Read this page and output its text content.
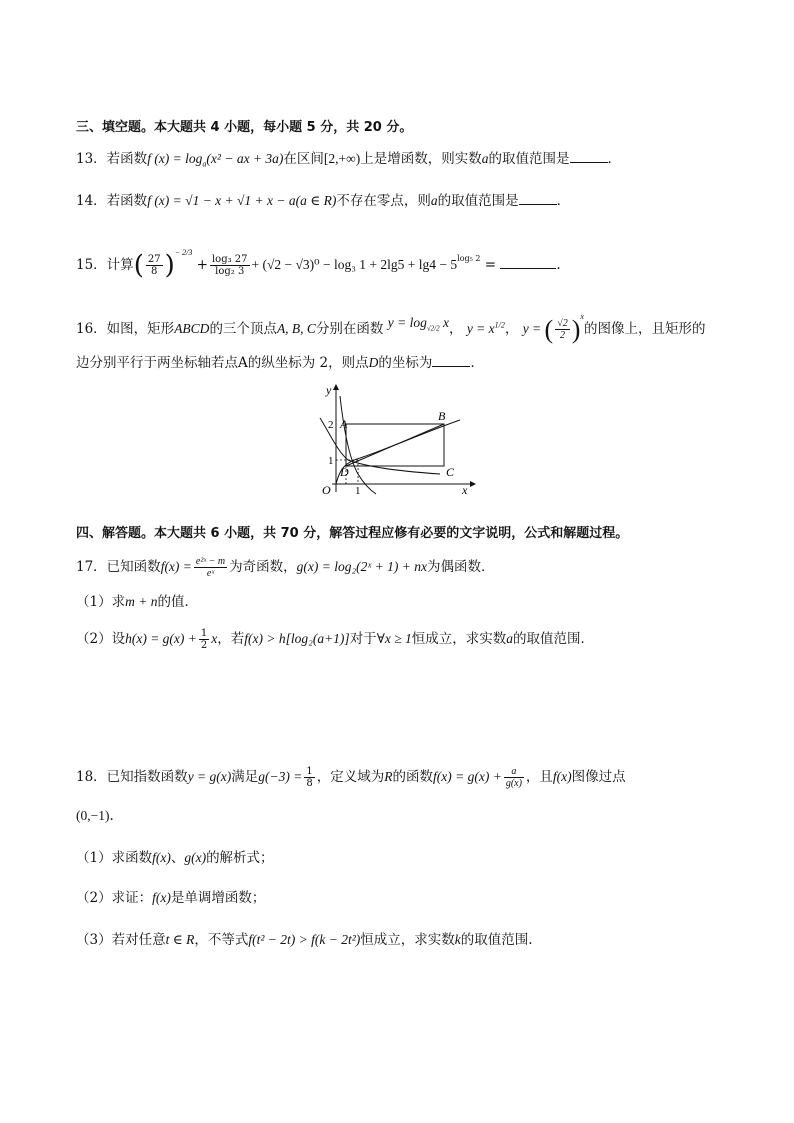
三、填空题。本大题共 4 小题，每小题 5 分，共 20 分。
13．若函数f $(x) = \log_a(x^2$ − ax + 3a)在区间[2,+∞)上是增函数，则实数a的取值范围是	．
14．若函数f (x) = √1 − x + √1 + x − a(a ∈ R)不存在零点，则a的取值范围是	．
15．计算( $\frac{27}{8} )^{- 2/3} + \frac{\text{log₃ 27}}{\text{log₂ 3}} + (√2 - √3)^0 - \log_3$ $1 + 2\lg 5 + \lg 4 - 5^{log_5 2}$ =	.
16．如图，矩形ABCD的三个顶点A, B, C分别在函数 $y = \log_{√2/2} x$， $y = x^{1/2}$， y = ( $\frac{√2}{2} )^x$的图像上，且矩形的
边分别平行于两坐标轴若点A的纵坐标为 2，则点D的坐标为	.
y
x
O
2
1
1
A
B
C
D
四、解答题。本大题共 6 小题，共 70 分，解答过程应修有必要的文字说明，公式和解题过程。
17．已知函数$f(x) = \frac{\text{e²ˣ − m}}{\text{eˣ}}$ 为奇函数，g(x) = log₂(2ˣ + 1) + nx为偶函数．
（1）求m + n的值．
（2）设$h(x) = g(x) + \frac{1}{2}$ x，若f(x) > h[log₂(a+1)]对于∀x ≥ 1恒成立，求实数a的取值范围．
18．已知指数函数y = g(x)满足$g(-3) = \frac{1}{8}$ ，定义域为R的函数$f(x) = g(x) + \frac{a}{g(x)}$ ，且f(x)图像过点
(0,−1).
（1）求函数f(x)、g(x)的解析式；
（2）求证：f(x)是单调增函数；
（3）若对任意t ∈ R，不等式f(t² − 2t) > f(k − 2t²)恒成立，求实数k的取值范围.
